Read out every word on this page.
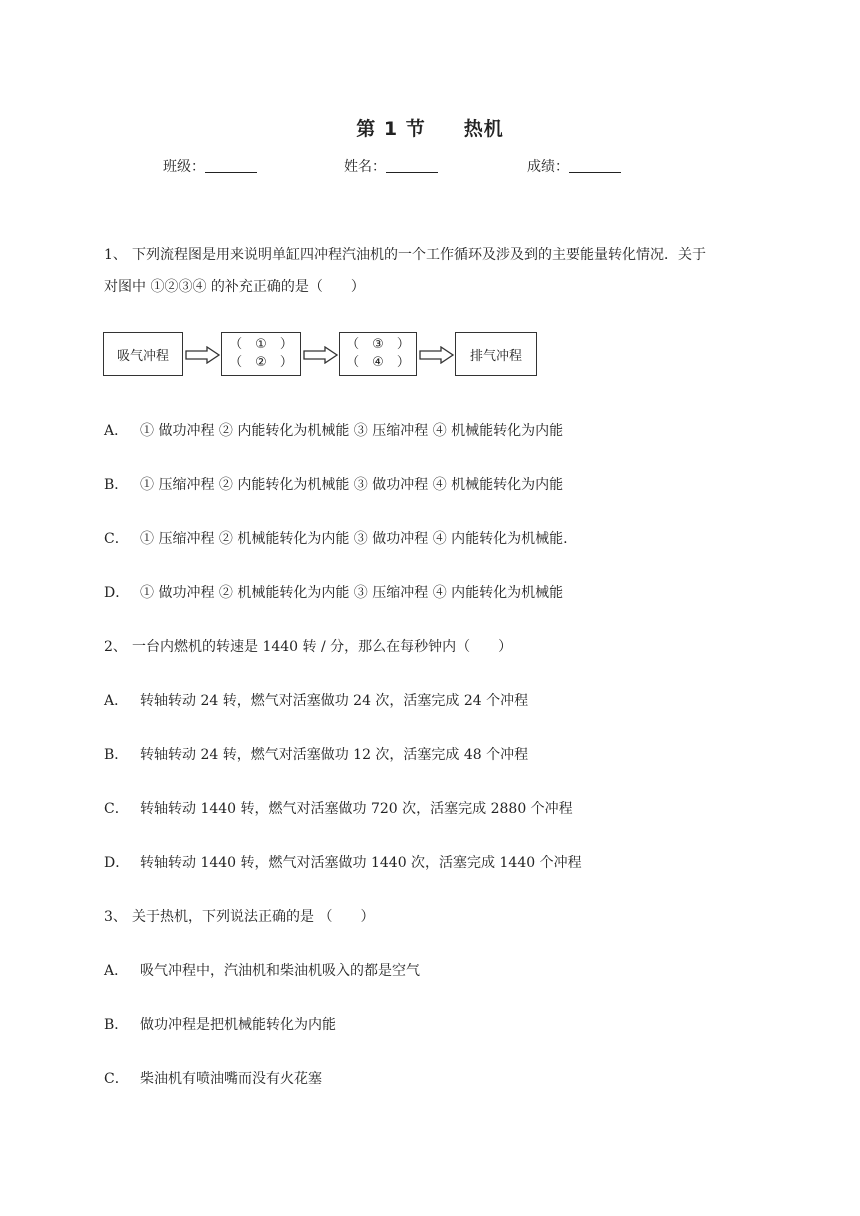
第 1 节 热机
班级：	姓名：	成绩：
1、 下列流程图是用来说明单缸四冲程汽油机的一个工作循环及涉及到的主要能量转化情况．关于
对图中 ①②③④ 的补充正确的是（　　）
吸气冲程
（　①　）
（　②　）
（　③　）
（　④　）	排气冲程
A． ① 做功冲程 ② 内能转化为机械能 ③ 压缩冲程 ④ 机械能转化为内能
B． ① 压缩冲程 ② 内能转化为机械能 ③ 做功冲程 ④ 机械能转化为内能
C． ① 压缩冲程 ② 机械能转化为内能 ③ 做功冲程 ④ 内能转化为机械能.
D． ① 做功冲程 ② 机械能转化为内能 ③ 压缩冲程 ④ 内能转化为机械能
2、 一台内燃机的转速是 1440 转 / 分，那么在每秒钟内（　　）
A． 转轴转动 24 转，燃气对活塞做功 24 次，活塞完成 24 个冲程
B． 转轴转动 24 转，燃气对活塞做功 12 次，活塞完成 48 个冲程
C． 转轴转动 1440 转，燃气对活塞做功 720 次，活塞完成 2880 个冲程
D． 转轴转动 1440 转，燃气对活塞做功 1440 次，活塞完成 1440 个冲程
3、 关于热机，下列说法正确的是 （　　）
A． 吸气冲程中，汽油机和柴油机吸入的都是空气
B． 做功冲程是把机械能转化为内能
C． 柴油机有喷油嘴而没有火花塞
